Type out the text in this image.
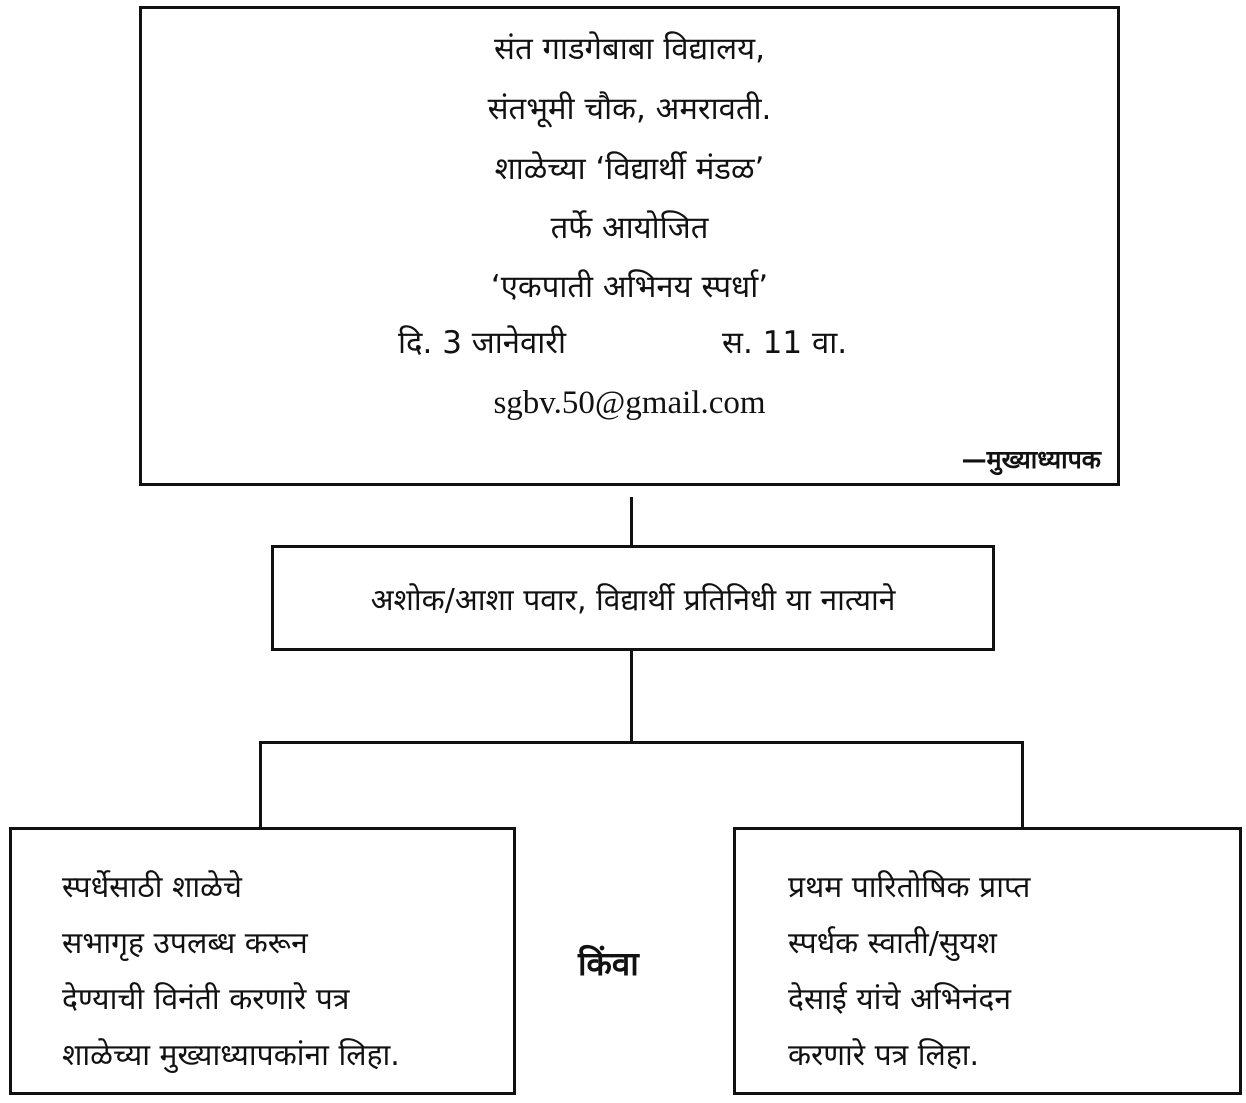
संत गाडगेबाबा विद्यालय,
संतभूमी चौक, अमरावती.
शाळेच्या ‘विद्यार्थी मंडळ’
तर्फे आयोजित
‘एकपाती अभिनय स्पर्धा’
दि. 3 जानेवारी	स. 11 वा.
sgbv.50@gmail.com
—मुख्याध्यापक
अशोक/आशा पवार, विद्यार्थी प्रतिनिधी या नात्याने
स्पर्धेसाठी शाळेचे
सभागृह उपलब्ध करून
देण्याची विनंती करणारे पत्र
शाळेच्या मुख्याध्यापकांना लिहा.
किंवा
प्रथम पारितोषिक प्राप्त
स्पर्धक स्वाती/सुयश
देसाई यांचे अभिनंदन
करणारे पत्र लिहा.
